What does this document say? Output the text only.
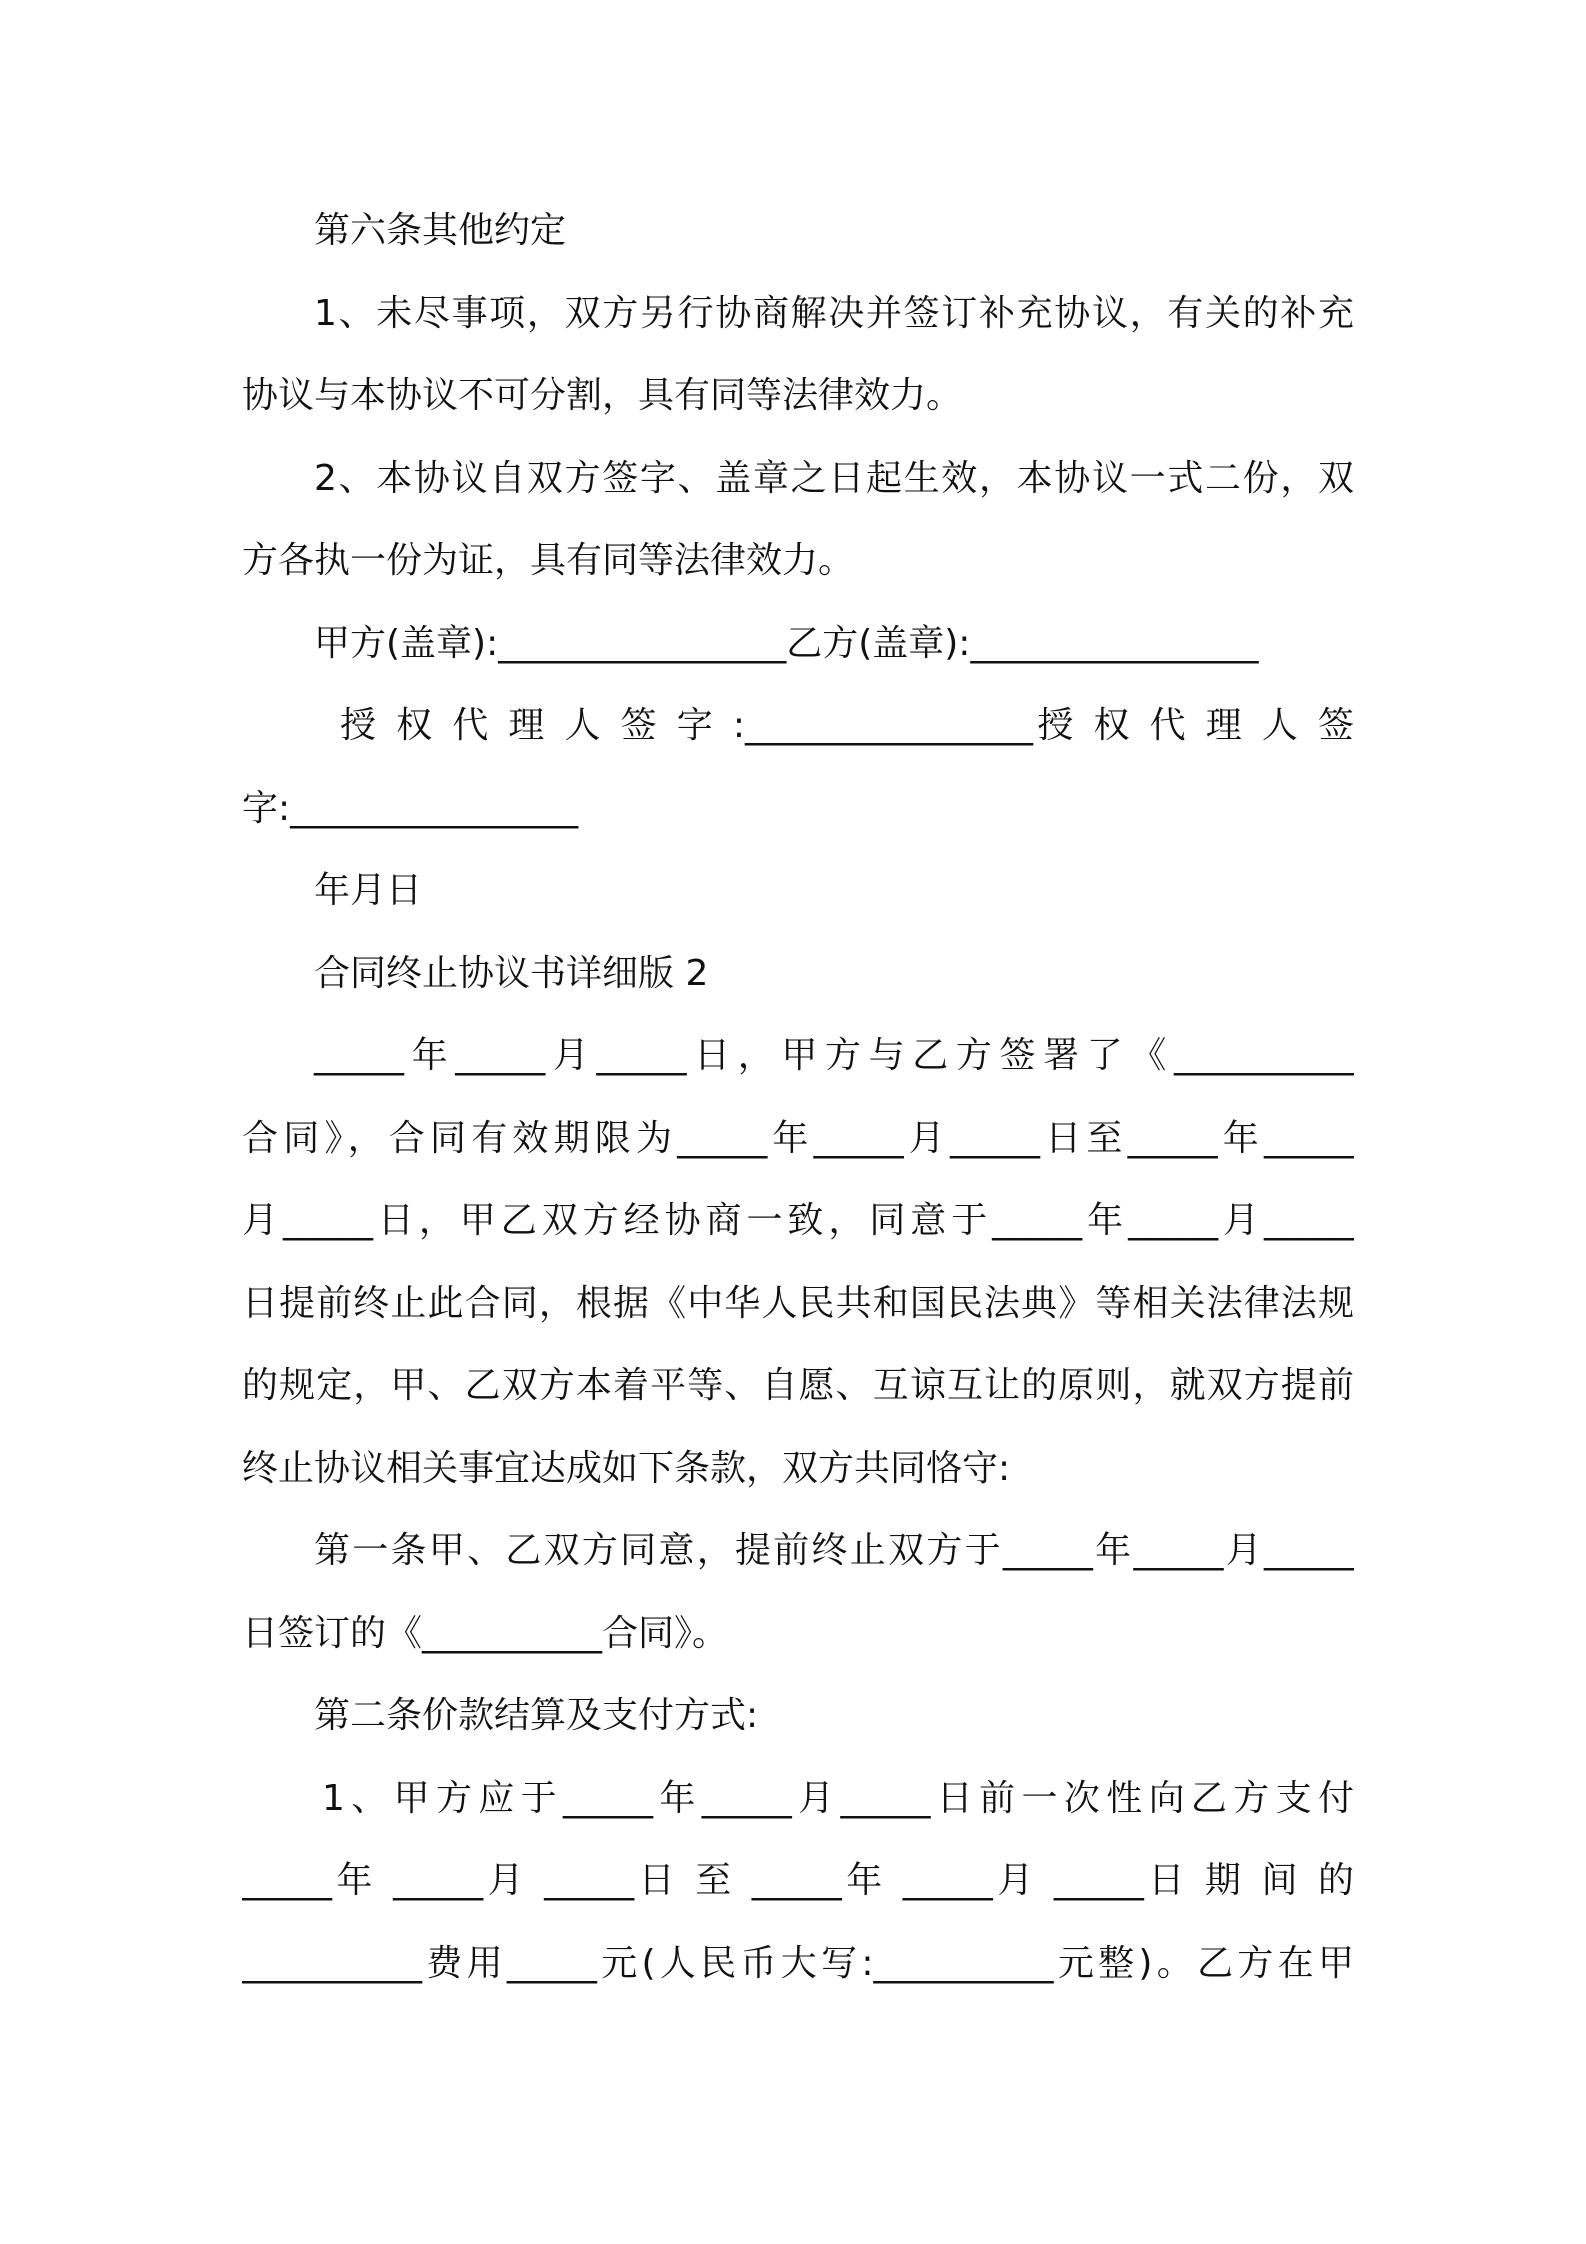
第六条其他约定
1、未尽事项，双方另行协商解决并签订补充协议，有关的补充
协议与本协议不可分割，具有同等法律效力。
2、本协议自双方签字、盖章之日起生效，本协议一式二份，双
方各执一份为证，具有同等法律效力。
甲方(盖章):________________乙方(盖章):________________
授 权 代 理 人 签 字 :________________授 权 代 理 人 签
字:________________
年月日
合同终止协议书详细版 2
_____年_____月_____日，甲方与乙方签署了《__________
合同》，合同有效期限为_____年_____月_____日至_____年_____
月_____日，甲乙双方经协商一致，同意于_____年_____月_____
日提前终止此合同，根据《中华人民共和国民法典》等相关法律法规
的规定，甲、乙双方本着平等、自愿、互谅互让的原则，就双方提前
终止协议相关事宜达成如下条款，双方共同恪守:
第一条甲、乙双方同意，提前终止双方于_____年_____月_____
日签订的《__________合同》。
第二条价款结算及支付方式:
1、甲方应于_____年_____月_____日前一次性向乙方支付
_____年 _____月 _____日 至 _____年 _____月 _____日 期 间 的
__________费用_____元(人民币大写:__________元整)。乙方在甲
